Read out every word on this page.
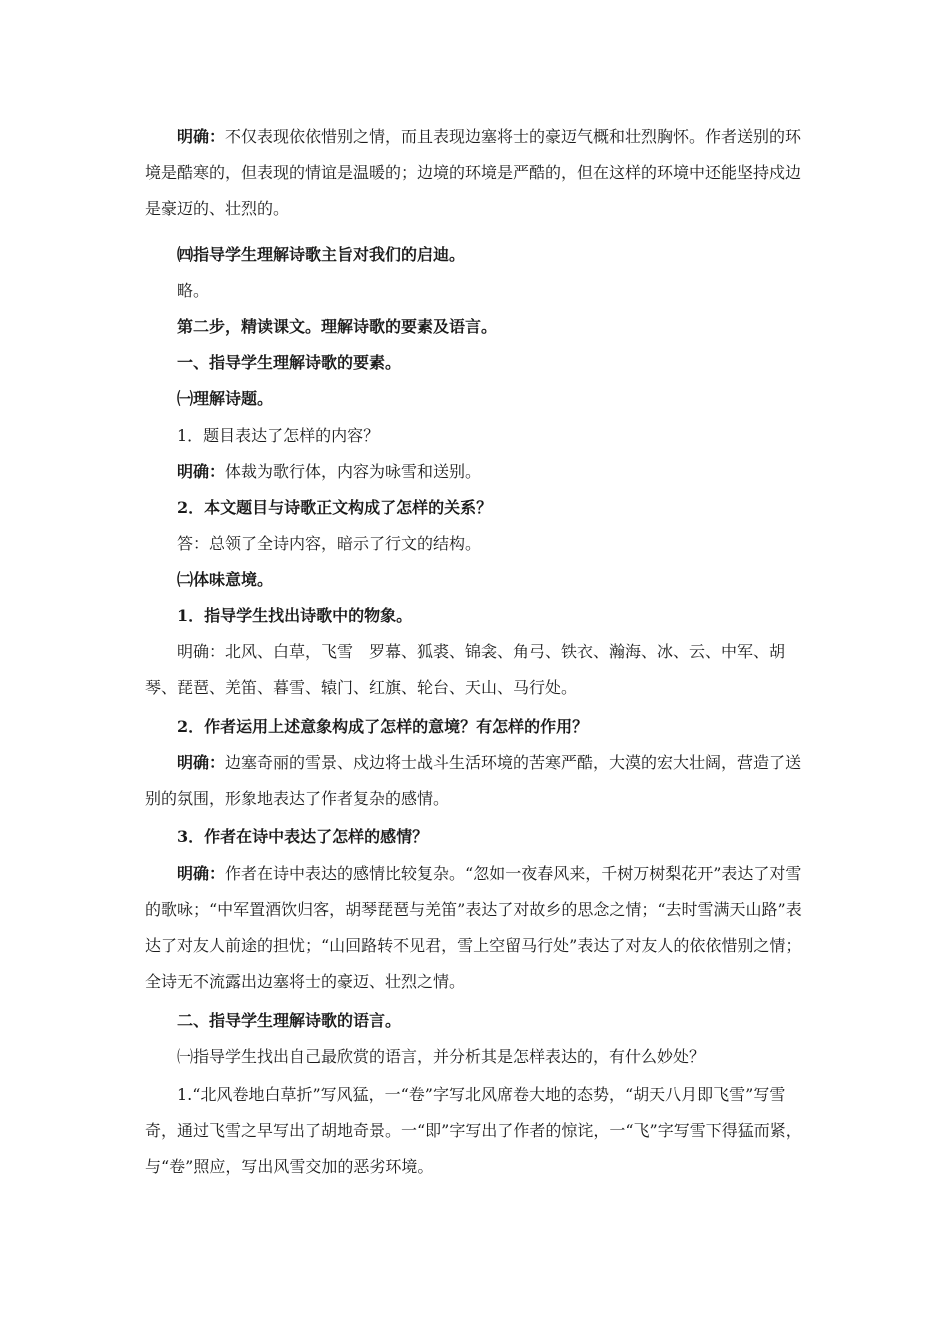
明确：不仅表现依依惜别之情，而且表现边塞将士的豪迈气概和壮烈胸怀。作者送别的环境是酷寒的，但表现的情谊是温暖的；边境的环境是严酷的，但在这样的环境中还能坚持戍边是豪迈的、壮烈的。

㈣指导学生理解诗歌主旨对我们的启迪。

略。

第二步，精读课文。理解诗歌的要素及语言。

一、指导学生理解诗歌的要素。

㈠理解诗题。

1．题目表达了怎样的内容？

明确：体裁为歌行体，内容为咏雪和送别。

2．本文题目与诗歌正文构成了怎样的关系？

答：总领了全诗内容，暗示了行文的结构。

㈡体味意境。

1．指导学生找出诗歌中的物象。

明确：北风、白草，飞雪　罗幕、狐裘、锦衾、角弓、铁衣、瀚海、冰、云、中军、胡琴、琵琶、羌笛、暮雪、辕门、红旗、轮台、天山、马行处。

2．作者运用上述意象构成了怎样的意境？有怎样的作用？

明确：边塞奇丽的雪景、戍边将士战斗生活环境的苦寒严酷，大漠的宏大壮阔，营造了送别的氛围，形象地表达了作者复杂的感情。

3．作者在诗中表达了怎样的感情？

明确：作者在诗中表达的感情比较复杂。“忽如一夜春风来，千树万树梨花开”表达了对雪的歌咏；“中军置酒饮归客，胡琴琵琶与羌笛”表达了对故乡的思念之情；“去时雪满天山路”表达了对友人前途的担忧；“山回路转不见君，雪上空留马行处”表达了对友人的依依惜别之情；全诗无不流露出边塞将士的豪迈、壮烈之情。

二、指导学生理解诗歌的语言。

㈠指导学生找出自己最欣赏的语言，并分析其是怎样表达的，有什么妙处？

1.“北风卷地白草折”写风猛，一“卷”字写北风席卷大地的态势，“胡天八月即飞雪”写雪奇，通过飞雪之早写出了胡地奇景。一“即”字写出了作者的惊诧，一“飞”字写雪下得猛而紧，与“卷”照应，写出风雪交加的恶劣环境。
